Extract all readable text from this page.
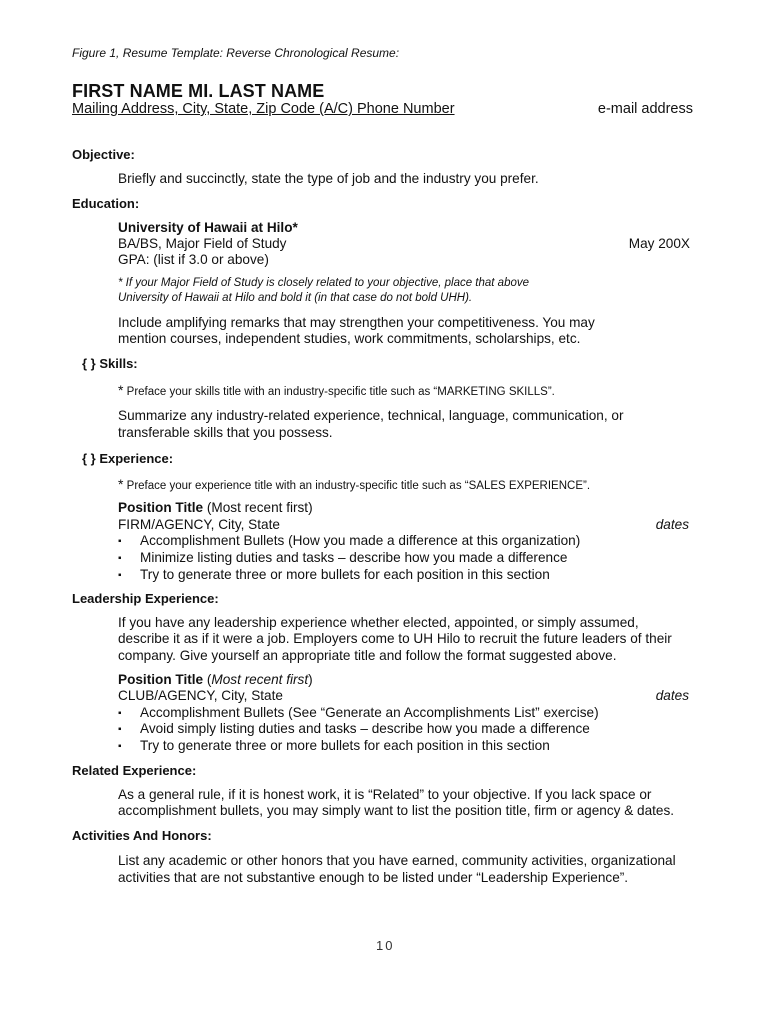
Figure 1, Resume Template: Reverse Chronological Resume:
FIRST NAME MI. LAST NAME
Mailing Address, City, State, Zip Code (A/C) Phone Number	e-mail address
Objective:
Briefly and succinctly, state the type of job and the industry you prefer.
Education:
University of Hawaii at Hilo*
BA/BS, Major Field of Study	May 200X
GPA: (list if 3.0 or above)
* If your Major Field of Study is closely related to your objective, place that above
University of Hawaii at Hilo and bold it (in that case do not bold UHH).
Include amplifying remarks that may strengthen your competitiveness. You may
mention courses, independent studies, work commitments, scholarships, etc.
{ } Skills:
* Preface your skills title with an industry-specific title such as “MARKETING SKILLS”.
Summarize any industry-related experience, technical, language, communication, or
transferable skills that you possess.
{ } Experience:
* Preface your experience title with an industry-specific title such as “SALES EXPERIENCE”.
Position Title (Most recent first)
FIRM/AGENCY, City, State	dates
▪ Accomplishment Bullets (How you made a difference at this organization)
▪ Minimize listing duties and tasks – describe how you made a difference
▪ Try to generate three or more bullets for each position in this section
Leadership Experience:
If you have any leadership experience whether elected, appointed, or simply assumed,
describe it as if it were a job. Employers come to UH Hilo to recruit the future leaders of their
company. Give yourself an appropriate title and follow the format suggested above.
Position Title (Most recent first)
CLUB/AGENCY, City, State	dates
▪ Accomplishment Bullets (See “Generate an Accomplishments List” exercise)
▪ Avoid simply listing duties and tasks – describe how you made a difference
▪ Try to generate three or more bullets for each position in this section
Related Experience:
As a general rule, if it is honest work, it is “Related” to your objective. If you lack space or
accomplishment bullets, you may simply want to list the position title, firm or agency & dates.
Activities And Honors:
List any academic or other honors that you have earned, community activities, organizational
activities that are not substantive enough to be listed under “Leadership Experience”.
10
